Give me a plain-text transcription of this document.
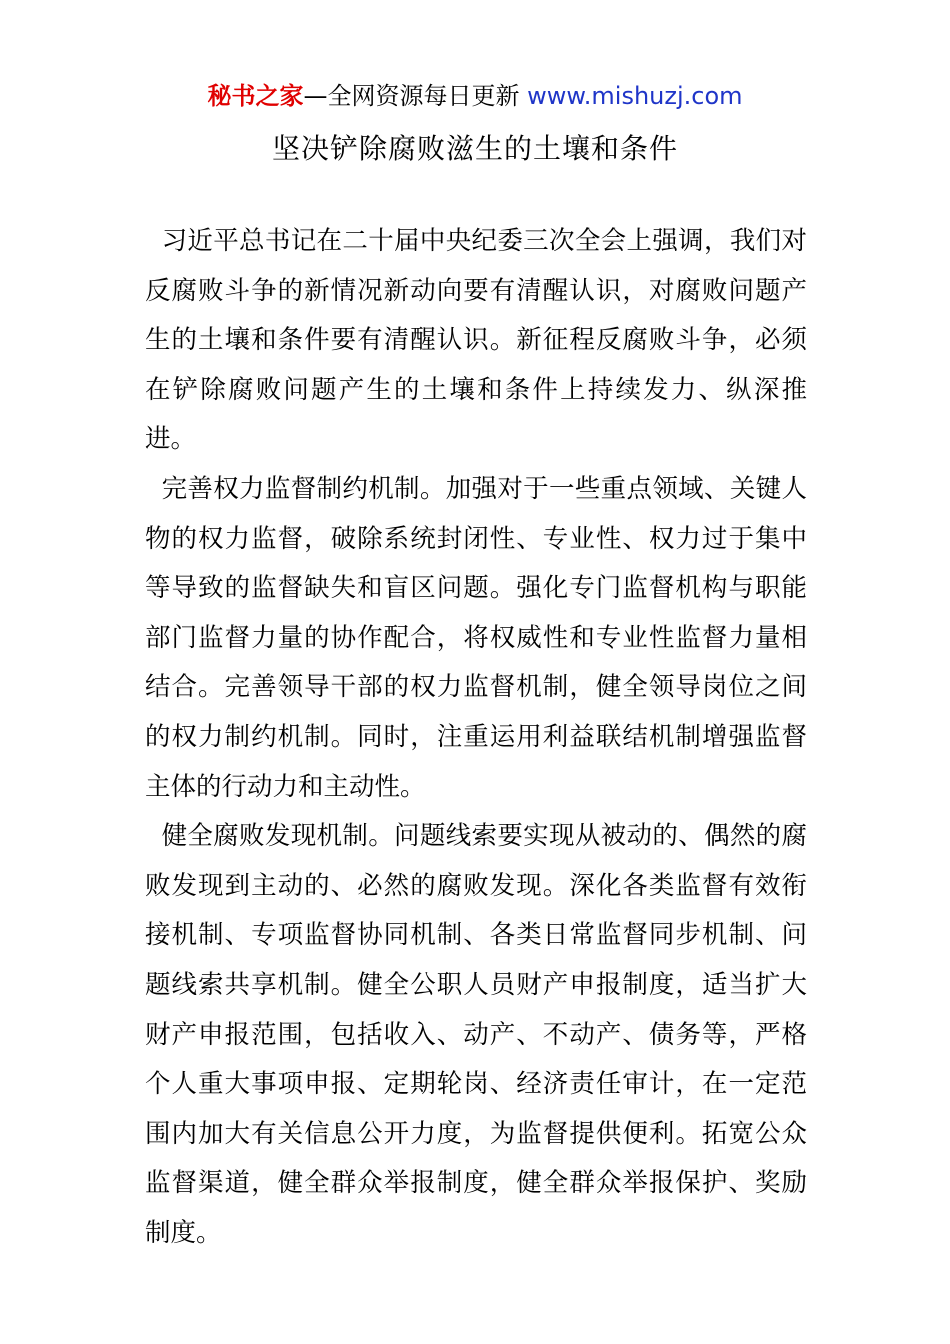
秘书之家—全网资源每日更新 www.mishuzj.com
坚决铲除腐败滋生的土壤和条件

习近平总书记在二十届中央纪委三次全会上强调，我们对反腐败斗争的新情况新动向要有清醒认识，对腐败问题产生的土壤和条件要有清醒认识。新征程反腐败斗争，必须在铲除腐败问题产生的土壤和条件上持续发力、纵深推进。

完善权力监督制约机制。加强对于一些重点领域、关键人物的权力监督，破除系统封闭性、专业性、权力过于集中等导致的监督缺失和盲区问题。强化专门监督机构与职能部门监督力量的协作配合，将权威性和专业性监督力量相结合。完善领导干部的权力监督机制，健全领导岗位之间的权力制约机制。同时，注重运用利益联结机制增强监督主体的行动力和主动性。

健全腐败发现机制。问题线索要实现从被动的、偶然的腐败发现到主动的、必然的腐败发现。深化各类监督有效衔接机制、专项监督协同机制、各类日常监督同步机制、问题线索共享机制。健全公职人员财产申报制度，适当扩大财产申报范围，包括收入、动产、不动产、债务等，严格个人重大事项申报、定期轮岗、经济责任审计，在一定范围内加大有关信息公开力度，为监督提供便利。拓宽公众监督渠道，健全群众举报制度，健全群众举报保护、奖励制度。
